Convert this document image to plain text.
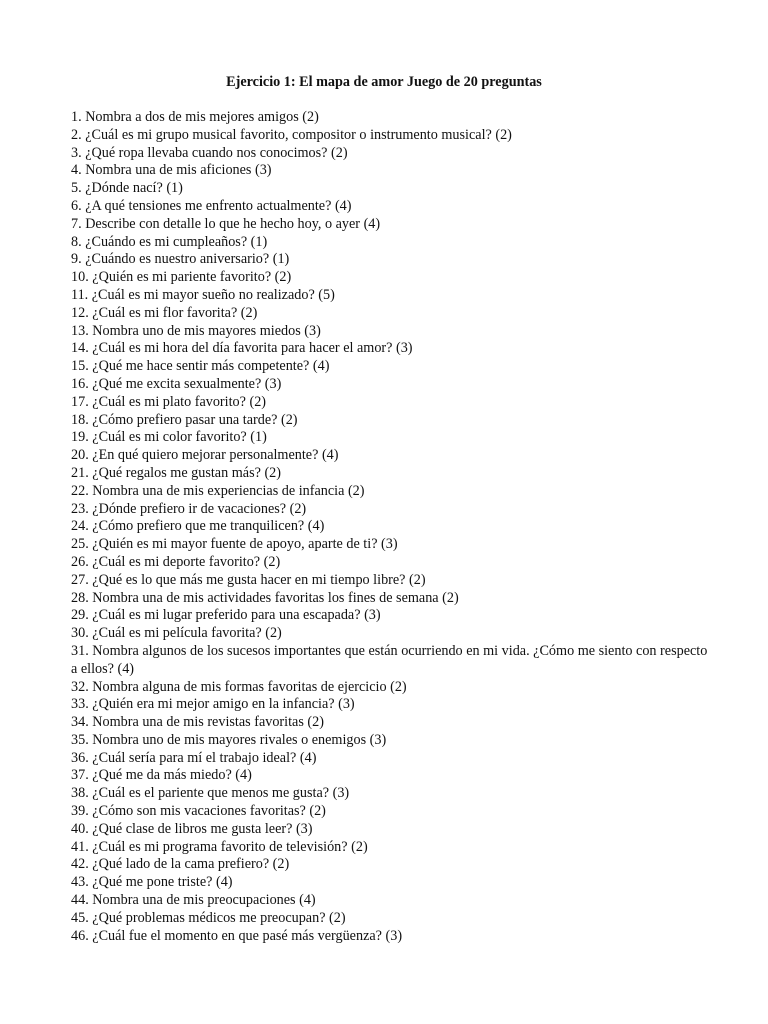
Ejercicio 1: El mapa de amor Juego de 20 preguntas
1. Nombra a dos de mis mejores amigos (2)
2. ¿Cuál es mi grupo musical favorito, compositor o instrumento musical? (2)
3. ¿Qué ropa llevaba cuando nos conocimos? (2)
4. Nombra una de mis aficiones (3)
5. ¿Dónde nací? (1)
6. ¿A qué tensiones me enfrento actualmente? (4)
7. Describe con detalle lo que he hecho hoy, o ayer (4)
8. ¿Cuándo es mi cumpleaños? (1)
9. ¿Cuándo es nuestro aniversario? (1)
10. ¿Quién es mi pariente favorito? (2)
11. ¿Cuál es mi mayor sueño no realizado? (5)
12. ¿Cuál es mi flor favorita? (2)
13. Nombra uno de mis mayores miedos (3)
14. ¿Cuál es mi hora del día favorita para hacer el amor? (3)
15. ¿Qué me hace sentir más competente? (4)
16. ¿Qué me excita sexualmente? (3)
17. ¿Cuál es mi plato favorito? (2)
18. ¿Cómo prefiero pasar una tarde? (2)
19. ¿Cuál es mi color favorito? (1)
20. ¿En qué quiero mejorar personalmente? (4)
21. ¿Qué regalos me gustan más? (2)
22. Nombra una de mis experiencias de infancia (2)
23. ¿Dónde prefiero ir de vacaciones? (2)
24. ¿Cómo prefiero que me tranquilicen? (4)
25. ¿Quién es mi mayor fuente de apoyo, aparte de ti? (3)
26. ¿Cuál es mi deporte favorito? (2)
27. ¿Qué es lo que más me gusta hacer en mi tiempo libre? (2)
28. Nombra una de mis actividades favoritas los fines de semana (2)
29. ¿Cuál es mi lugar preferido para una escapada? (3)
30. ¿Cuál es mi película favorita? (2)
31. Nombra algunos de los sucesos importantes que están ocurriendo en mi vida. ¿Cómo me siento con respecto a ellos? (4)
32. Nombra alguna de mis formas favoritas de ejercicio (2)
33. ¿Quién era mi mejor amigo en la infancia? (3)
34. Nombra una de mis revistas favoritas (2)
35. Nombra uno de mis mayores rivales o enemigos (3)
36. ¿Cuál sería para mí el trabajo ideal? (4)
37. ¿Qué me da más miedo? (4)
38. ¿Cuál es el pariente que menos me gusta? (3)
39. ¿Cómo son mis vacaciones favoritas? (2)
40. ¿Qué clase de libros me gusta leer? (3)
41. ¿Cuál es mi programa favorito de televisión? (2)
42. ¿Qué lado de la cama prefiero? (2)
43. ¿Qué me pone triste? (4)
44. Nombra una de mis preocupaciones (4)
45. ¿Qué problemas médicos me preocupan? (2)
46. ¿Cuál fue el momento en que pasé más vergüenza? (3)
